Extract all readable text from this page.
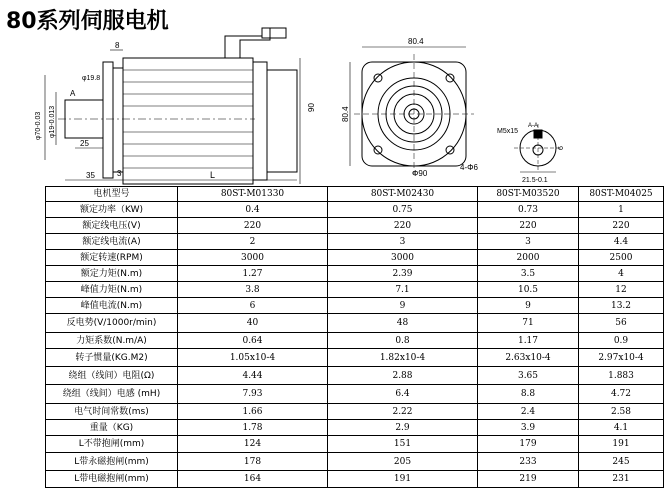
80系列伺服电机
8
φ19.8
φ70-0.03 φ19-0.013
A
25
35	3	L
90
80.4
80.4
4-Φ6
Φ90
A-A
M5x15
6
21.5-0.1
电机型号	80ST-M01330	80ST-M02430	80ST-M03520	80ST-M04025
额定功率（KW)	0.4	0.75	0.73	1
额定线电压(V)	220	220	220	220
额定线电流(A)	2	3	3	4.4
额定转速(RPM)	3000	3000	2000	2500
额定力矩(N.m)	1.27	2.39	3.5	4
峰值力矩(N.m)	3.8	7.1	10.5	12
峰值电流(N.m)	6	9	9	13.2
反电势(V/1000r/min)	40	48	71	56
力矩系数(N.m/A)	0.64	0.8	1.17	0.9
转子惯量(KG.M2)	1.05x10-4	1.82x10-4	2.63x10-4	2.97x10-4
绕组（线间）电阻(Ω)	4.44	2.88	3.65	1.883
绕组（线间）电感 (mH)	7.93	6.4	8.8	4.72
电气时间常数(ms)	1.66	2.22	2.4	2.58
重量（KG)	1.78	2.9	3.9	4.1
L不带抱闸(mm)	124	151	179	191
L带永磁抱闸(mm)	178	205	233	245
L带电磁抱闸(mm)	164	191	219	231
